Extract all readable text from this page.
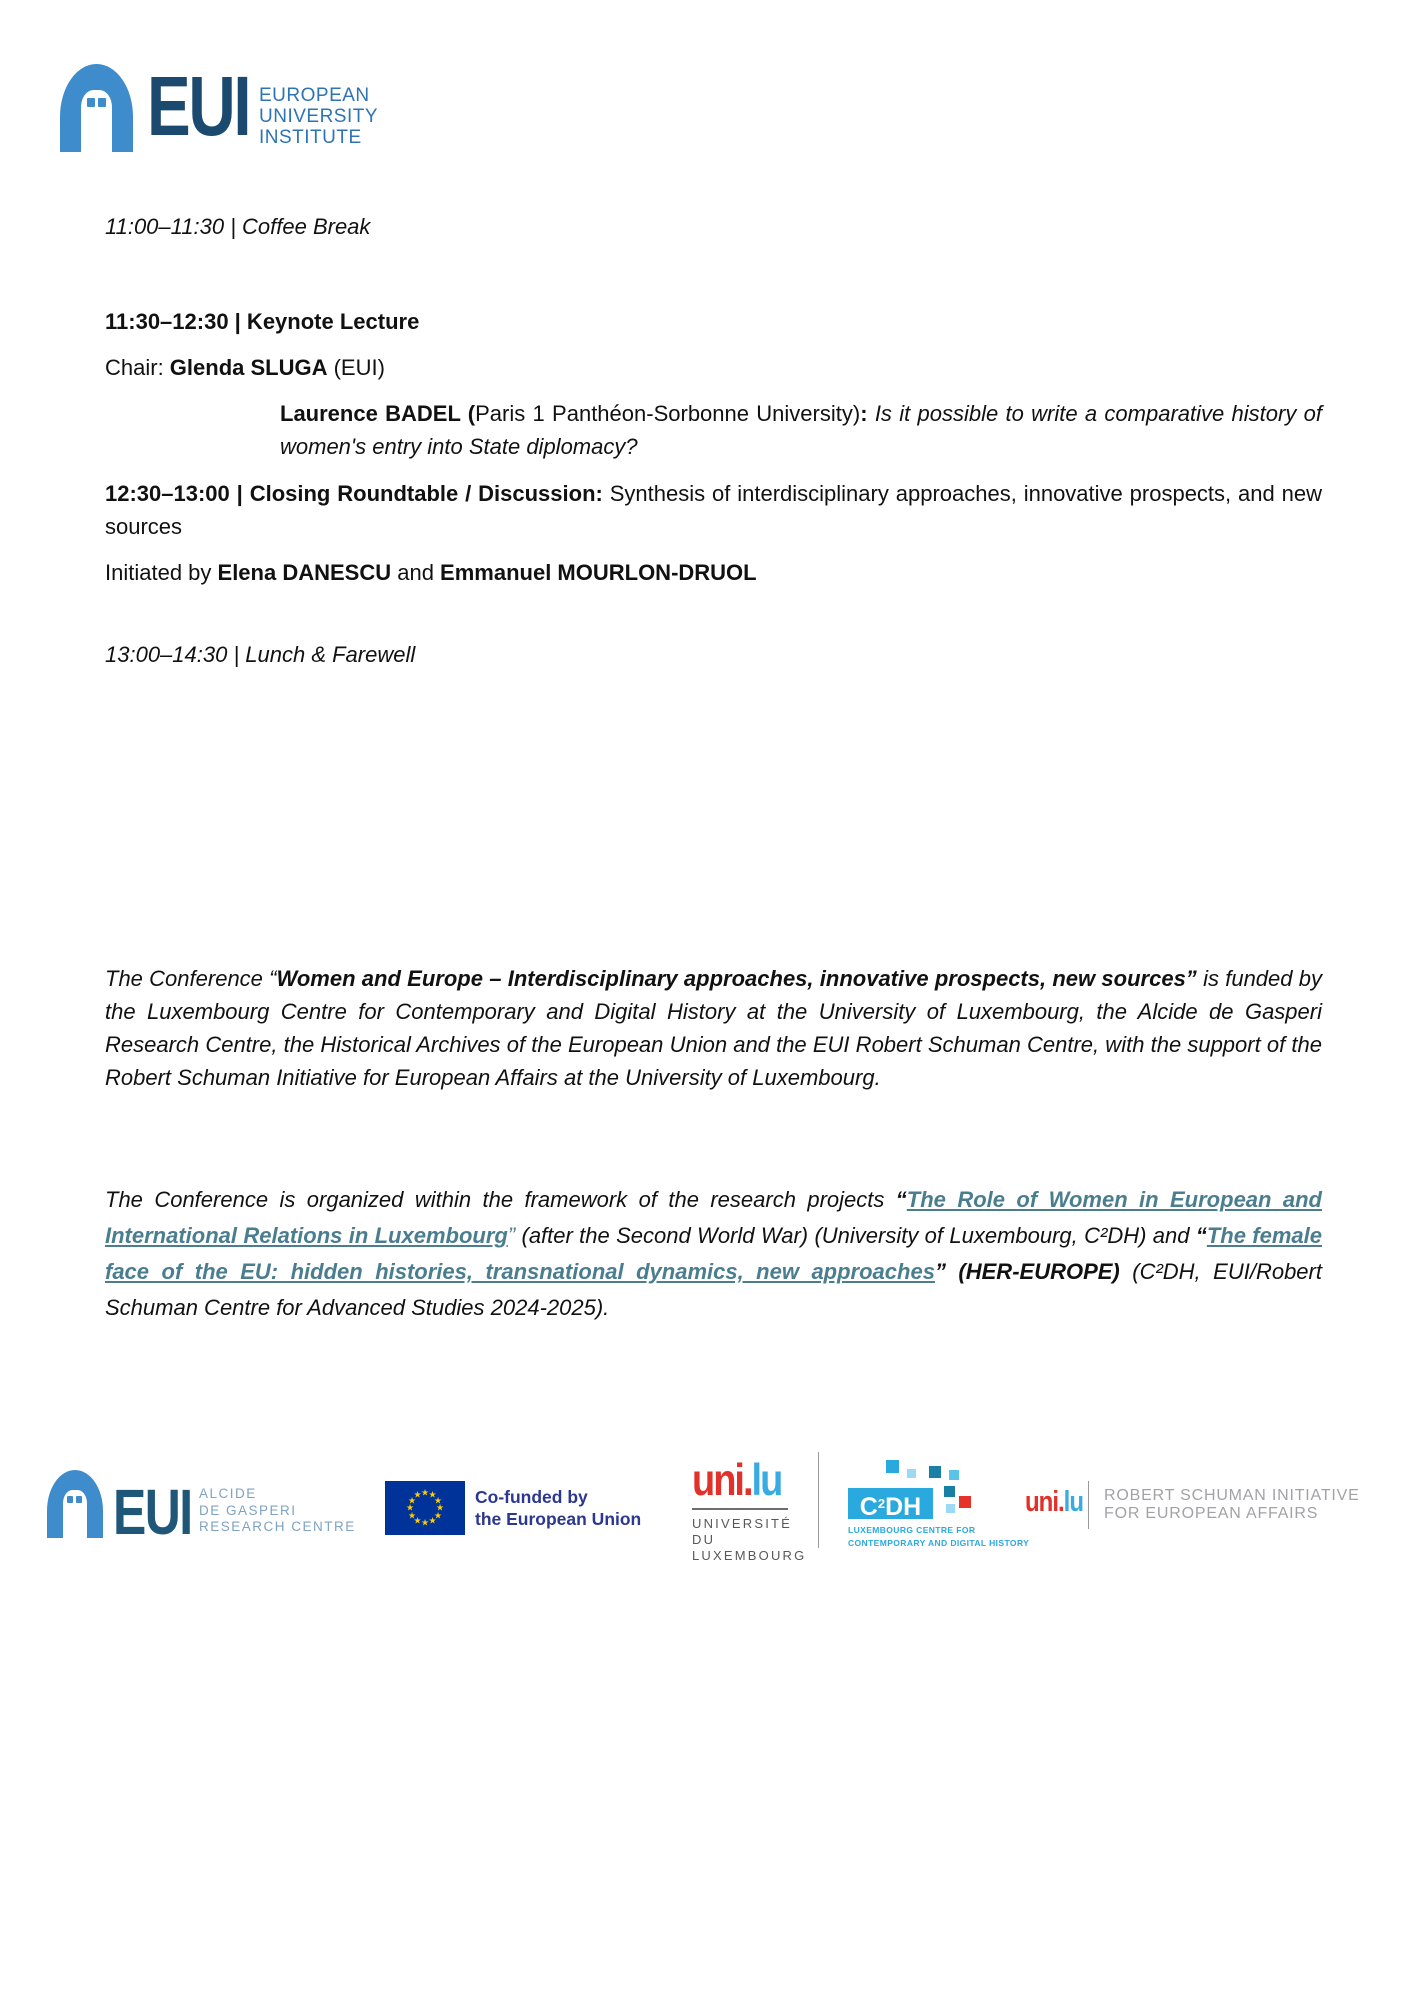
EUI EUROPEAN
UNIVERSITY
INSTITUTE
11:00–11:30 | Coffee Break
11:30–12:30 | Keynote Lecture
Chair: Glenda SLUGA (EUI)
Laurence BADEL (Paris 1 Panthéon-Sorbonne University): Is it possible to write a comparative history of women's entry into State diplomacy?
12:30–13:00 | Closing Roundtable / Discussion: Synthesis of interdisciplinary approaches, innovative prospects, and new sources
Initiated by Elena DANESCU and Emmanuel MOURLON-DRUOL
13:00–14:30 | Lunch & Farewell
The Conference “Women and Europe – Interdisciplinary approaches, innovative prospects, new sources” is funded by the Luxembourg Centre for Contemporary and Digital History at the University of Luxembourg, the Alcide de Gasperi Research Centre, the Historical Archives of the European Union and the EUI Robert Schuman Centre, with the support of the Robert Schuman Initiative for European Affairs at the University of Luxembourg.
The Conference is organized within the framework of the research projects “The Role of Women in European and International Relations in Luxembourg” (after the Second World War) (University of Luxembourg, C²DH) and “The female face of the EU: hidden histories, transnational dynamics, new approaches” (HER-EUROPE) (C²DH, EUI/Robert Schuman Centre for Advanced Studies 2024-2025).
EUI ALCIDE
DE GASPERI
RESEARCH CENTRE
★ ★
★
★
★
★
★
★
★
★
★
★	Co-funded by
the European Union
uni.lu
UNIVERSITÉ DU
LUXEMBOURG
$C^2DH$
LUXEMBOURG CENTRE FOR
CONTEMPORARY AND DIGITAL HISTORY
uni.lu ROBERT SCHUMAN INITIATIVE
FOR EUROPEAN AFFAIRS
